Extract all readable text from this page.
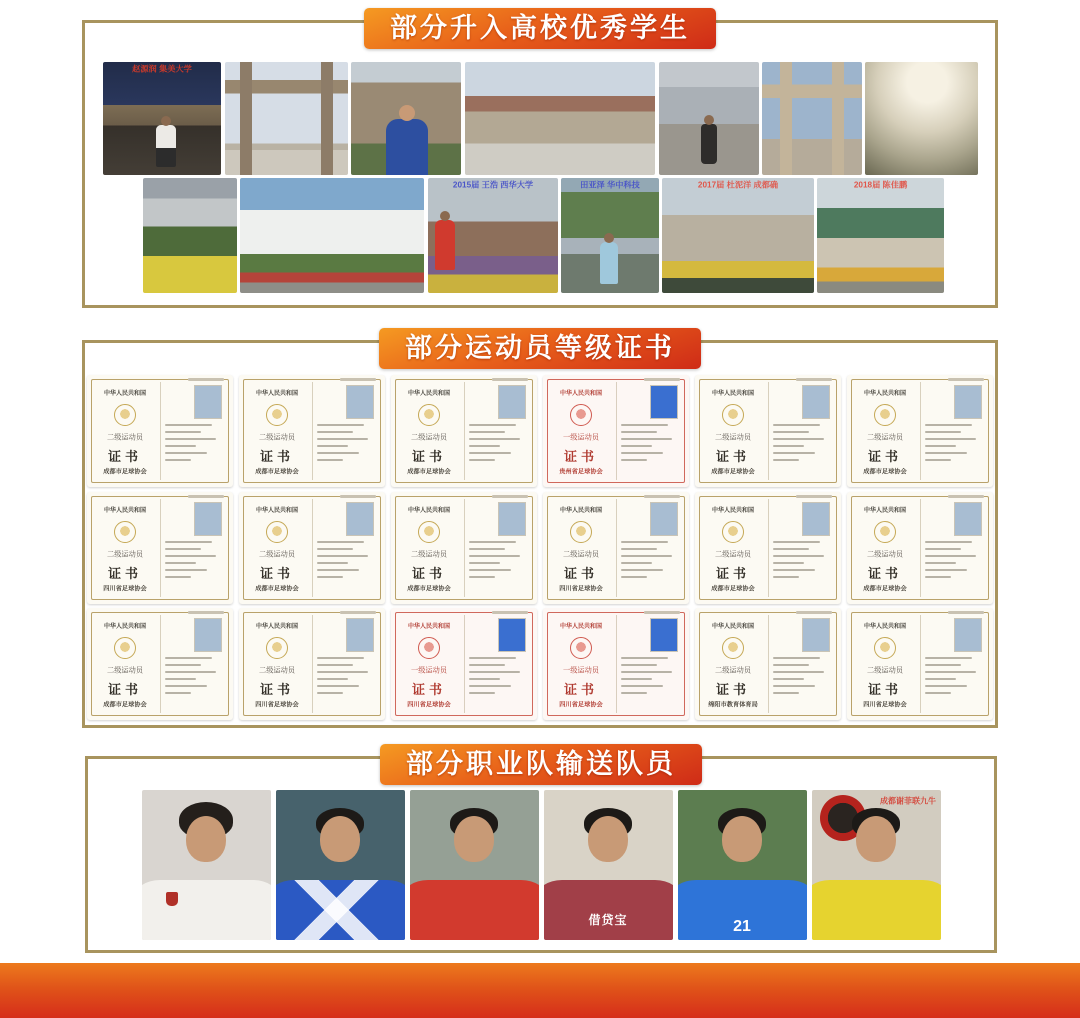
部分升入高校优秀学生
赵源润 集美大学
2015届 王浩 西华大学	田亚泽 华中科技	2017届 杜泥洋 成都确	2018届 陈佳鹏
部分运动员等级证书
中华人民共和国
二级运动员
证书
成都市足球协会
中华人民共和国
二级运动员
证书
成都市足球协会
中华人民共和国
二级运动员
证书
成都市足球协会
中华人民共和国
一级运动员
证书
贵州省足球协会
中华人民共和国
二级运动员
证书
成都市足球协会
中华人民共和国
二级运动员
证书
成都市足球协会
中华人民共和国
二级运动员
证书
四川省足球协会
中华人民共和国
二级运动员
证书
成都市足球协会
中华人民共和国
二级运动员
证书
成都市足球协会
中华人民共和国
二级运动员
证书
四川省足球协会
中华人民共和国
二级运动员
证书
成都市足球协会
中华人民共和国
二级运动员
证书
成都市足球协会
中华人民共和国
二级运动员
证书
成都市足球协会
中华人民共和国
二级运动员
证书
四川省足球协会
中华人民共和国
一级运动员
证书
四川省足球协会
中华人民共和国
一级运动员
证书
四川省足球协会
中华人民共和国
二级运动员
证书
绵阳市教育体育局
中华人民共和国
二级运动员
证书
四川省足球协会
部分职业队输送队员
借贷宝	21
成都谢菲联九牛
